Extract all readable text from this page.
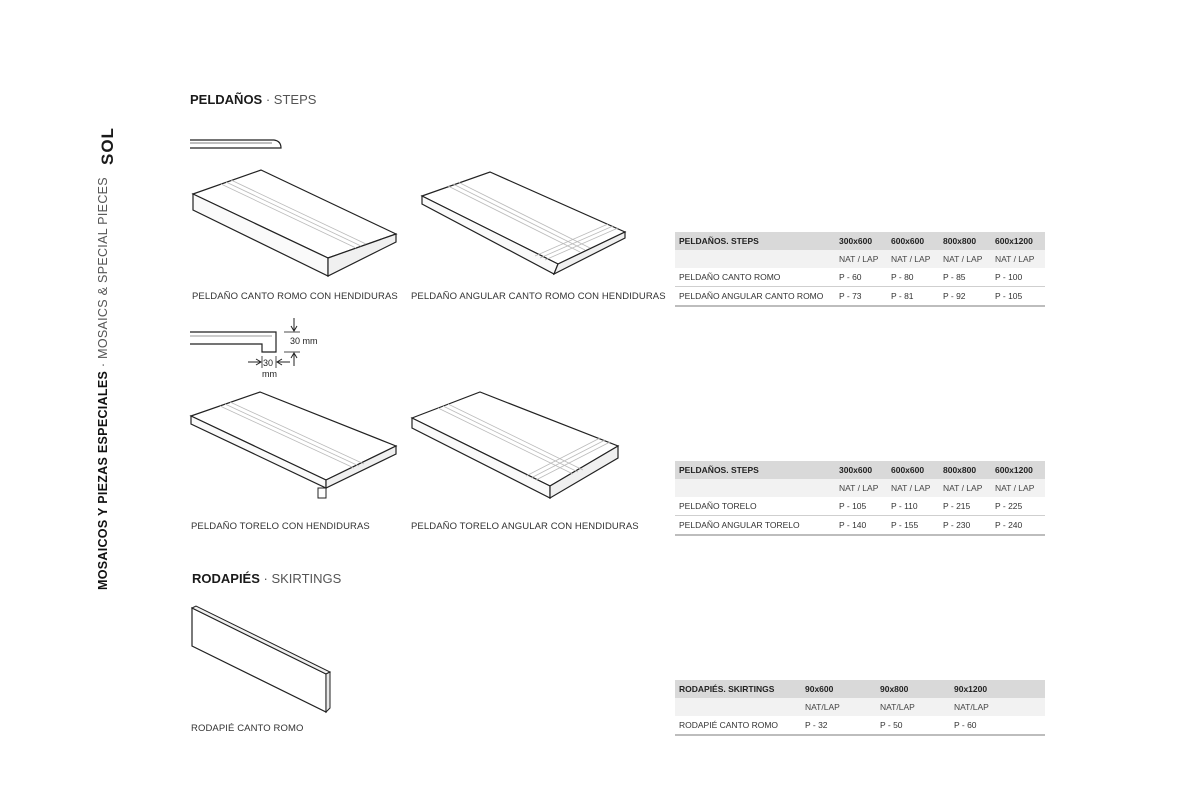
SOL
MOSAICOS Y PIEZAS ESPECIALES · MOSAICS & SPECIAL PIECES
PELDAÑOS · STEPS
PELDAÑO CANTO ROMO CON HENDIDURAS PELDAÑO ANGULAR CANTO ROMO CON HENDIDURAS
30 mm
30
mm
PELDAÑO TORELO CON HENDIDURAS	PELDAÑO TORELO ANGULAR CON HENDIDURAS
RODAPIÉS · SKIRTINGS
RODAPIÉ CANTO ROMO
PELDAÑOS. STEPS	300x600	600x600	800x800	600x1200
	NAT / LAP	NAT / LAP	NAT / LAP	NAT / LAP
PELDAÑO CANTO ROMO	P - 60	P - 80	P - 85	P - 100
PELDAÑO ANGULAR CANTO ROMO	P - 73	P - 81	P - 92	P - 105
PELDAÑOS. STEPS	300x600	600x600	800x800	600x1200
	NAT / LAP	NAT / LAP	NAT / LAP	NAT / LAP
PELDAÑO TORELO	P - 105	P - 110	P - 215	P - 225
PELDAÑO ANGULAR TORELO	P - 140	P - 155	P - 230	P - 240
RODAPIÉS. SKIRTINGS	90x600	90x800	90x1200
	NAT/LAP	NAT/LAP	NAT/LAP
RODAPIÉ CANTO ROMO	P - 32	P - 50	P - 60
